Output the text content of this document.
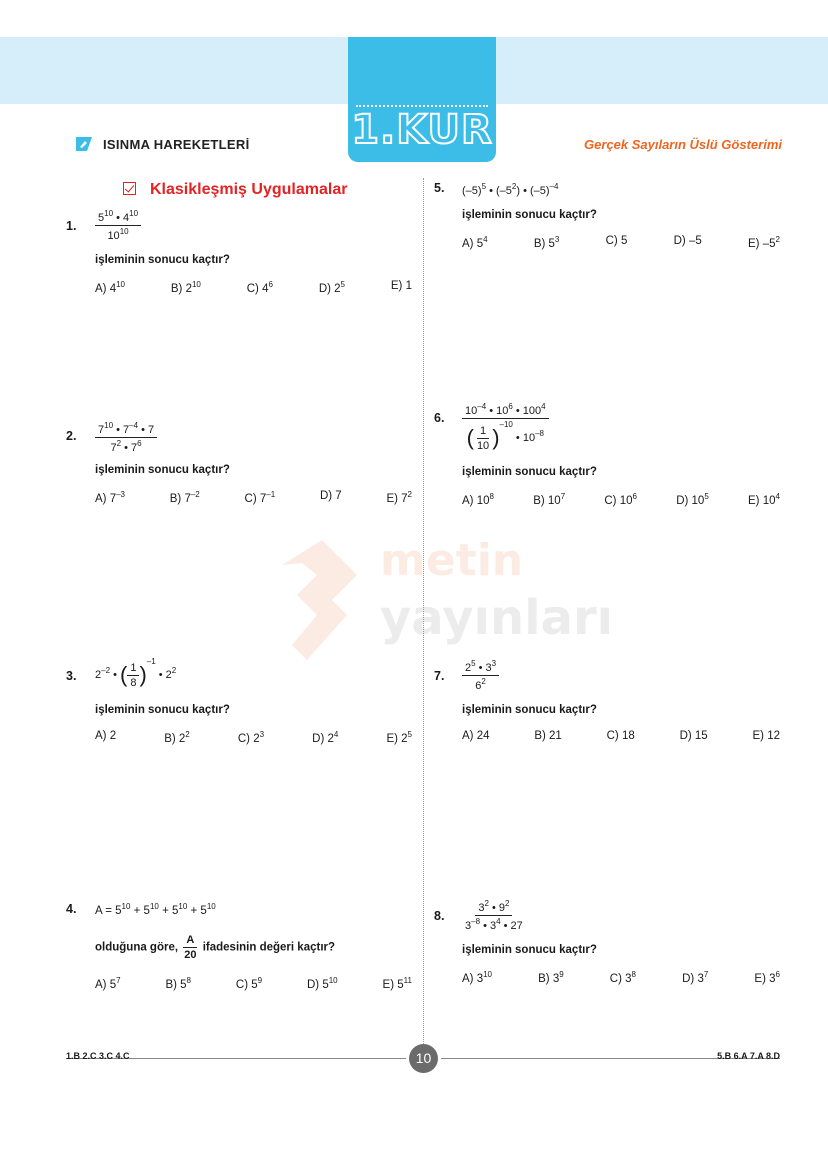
1.KUR
ISINMA HAREKETLERİ	Gerçek Sayıların Üslü Gösterimi
metin
yayınları
Klasikleşmiş Uygulamalar
1. $\frac{5^{10} • 4^{10}}{10^{10}}$
işleminin sonucu kaçtır?
A) $4^{10}$	B) $2^{10}$	C) $4^6$	D) $2^5$	E) 1
2. $\frac{7^{10} • 7^{-4} • 7}{7^2 • 7^6}$
işleminin sonucu kaçtır?
A) $7^{-3}$	B) $7^{-2}$	C) $7^{-1}$	D) 7	E) $7^2$
3. $2^{-2}$ • ( $\frac{1}{8}$ )
$^{-1}$ • $2^2$
işleminin sonucu kaçtır?
A) 2	B) $2^2$	C) $2^3$	D) $2^4$	E) $2^5$
4. $A = 5^{10} + 5^{10} + 5^{10} + 5^{10}$
olduğuna göre, $\frac{A}{20}$ ifadesinin değeri kaçtır?
A) $5^7$	B) $5^8$	C) $5^9$	D) $5^{10}$	E) $5^{11}$
5. $(-5)^5$ • $(-5^2)$ • $(-5)^{-4}$
işleminin sonucu kaçtır?
A) $5^4$	B) $5^3$	C) 5	D) –5	E) $-5^2$
6. $10^{-4}$ • $10^6$ • $100^4$
( $\frac{1}{10}$ )
$^{-10}$ • $10^{-8}$
işleminin sonucu kaçtır?
A) $10^8$	B) $10^7$	C) $10^6$	D) $10^5$	E) $10^4$
7. $\frac{2^5 • 3^3}{6^2}$
işleminin sonucu kaçtır?
A) 24	B) 21	C) 18	D) 15	E) 12
8. $\frac{3^2 • 9^2}{3^{-8} • 3^4 • 27}$
işleminin sonucu kaçtır?
A) $3^{10}$	B) $3^9$	C) $3^8$	D) $3^7$	E) $3^6$
1.B 2.C 3.C 4.C	5.B 6.A 7.A 8.D
10
